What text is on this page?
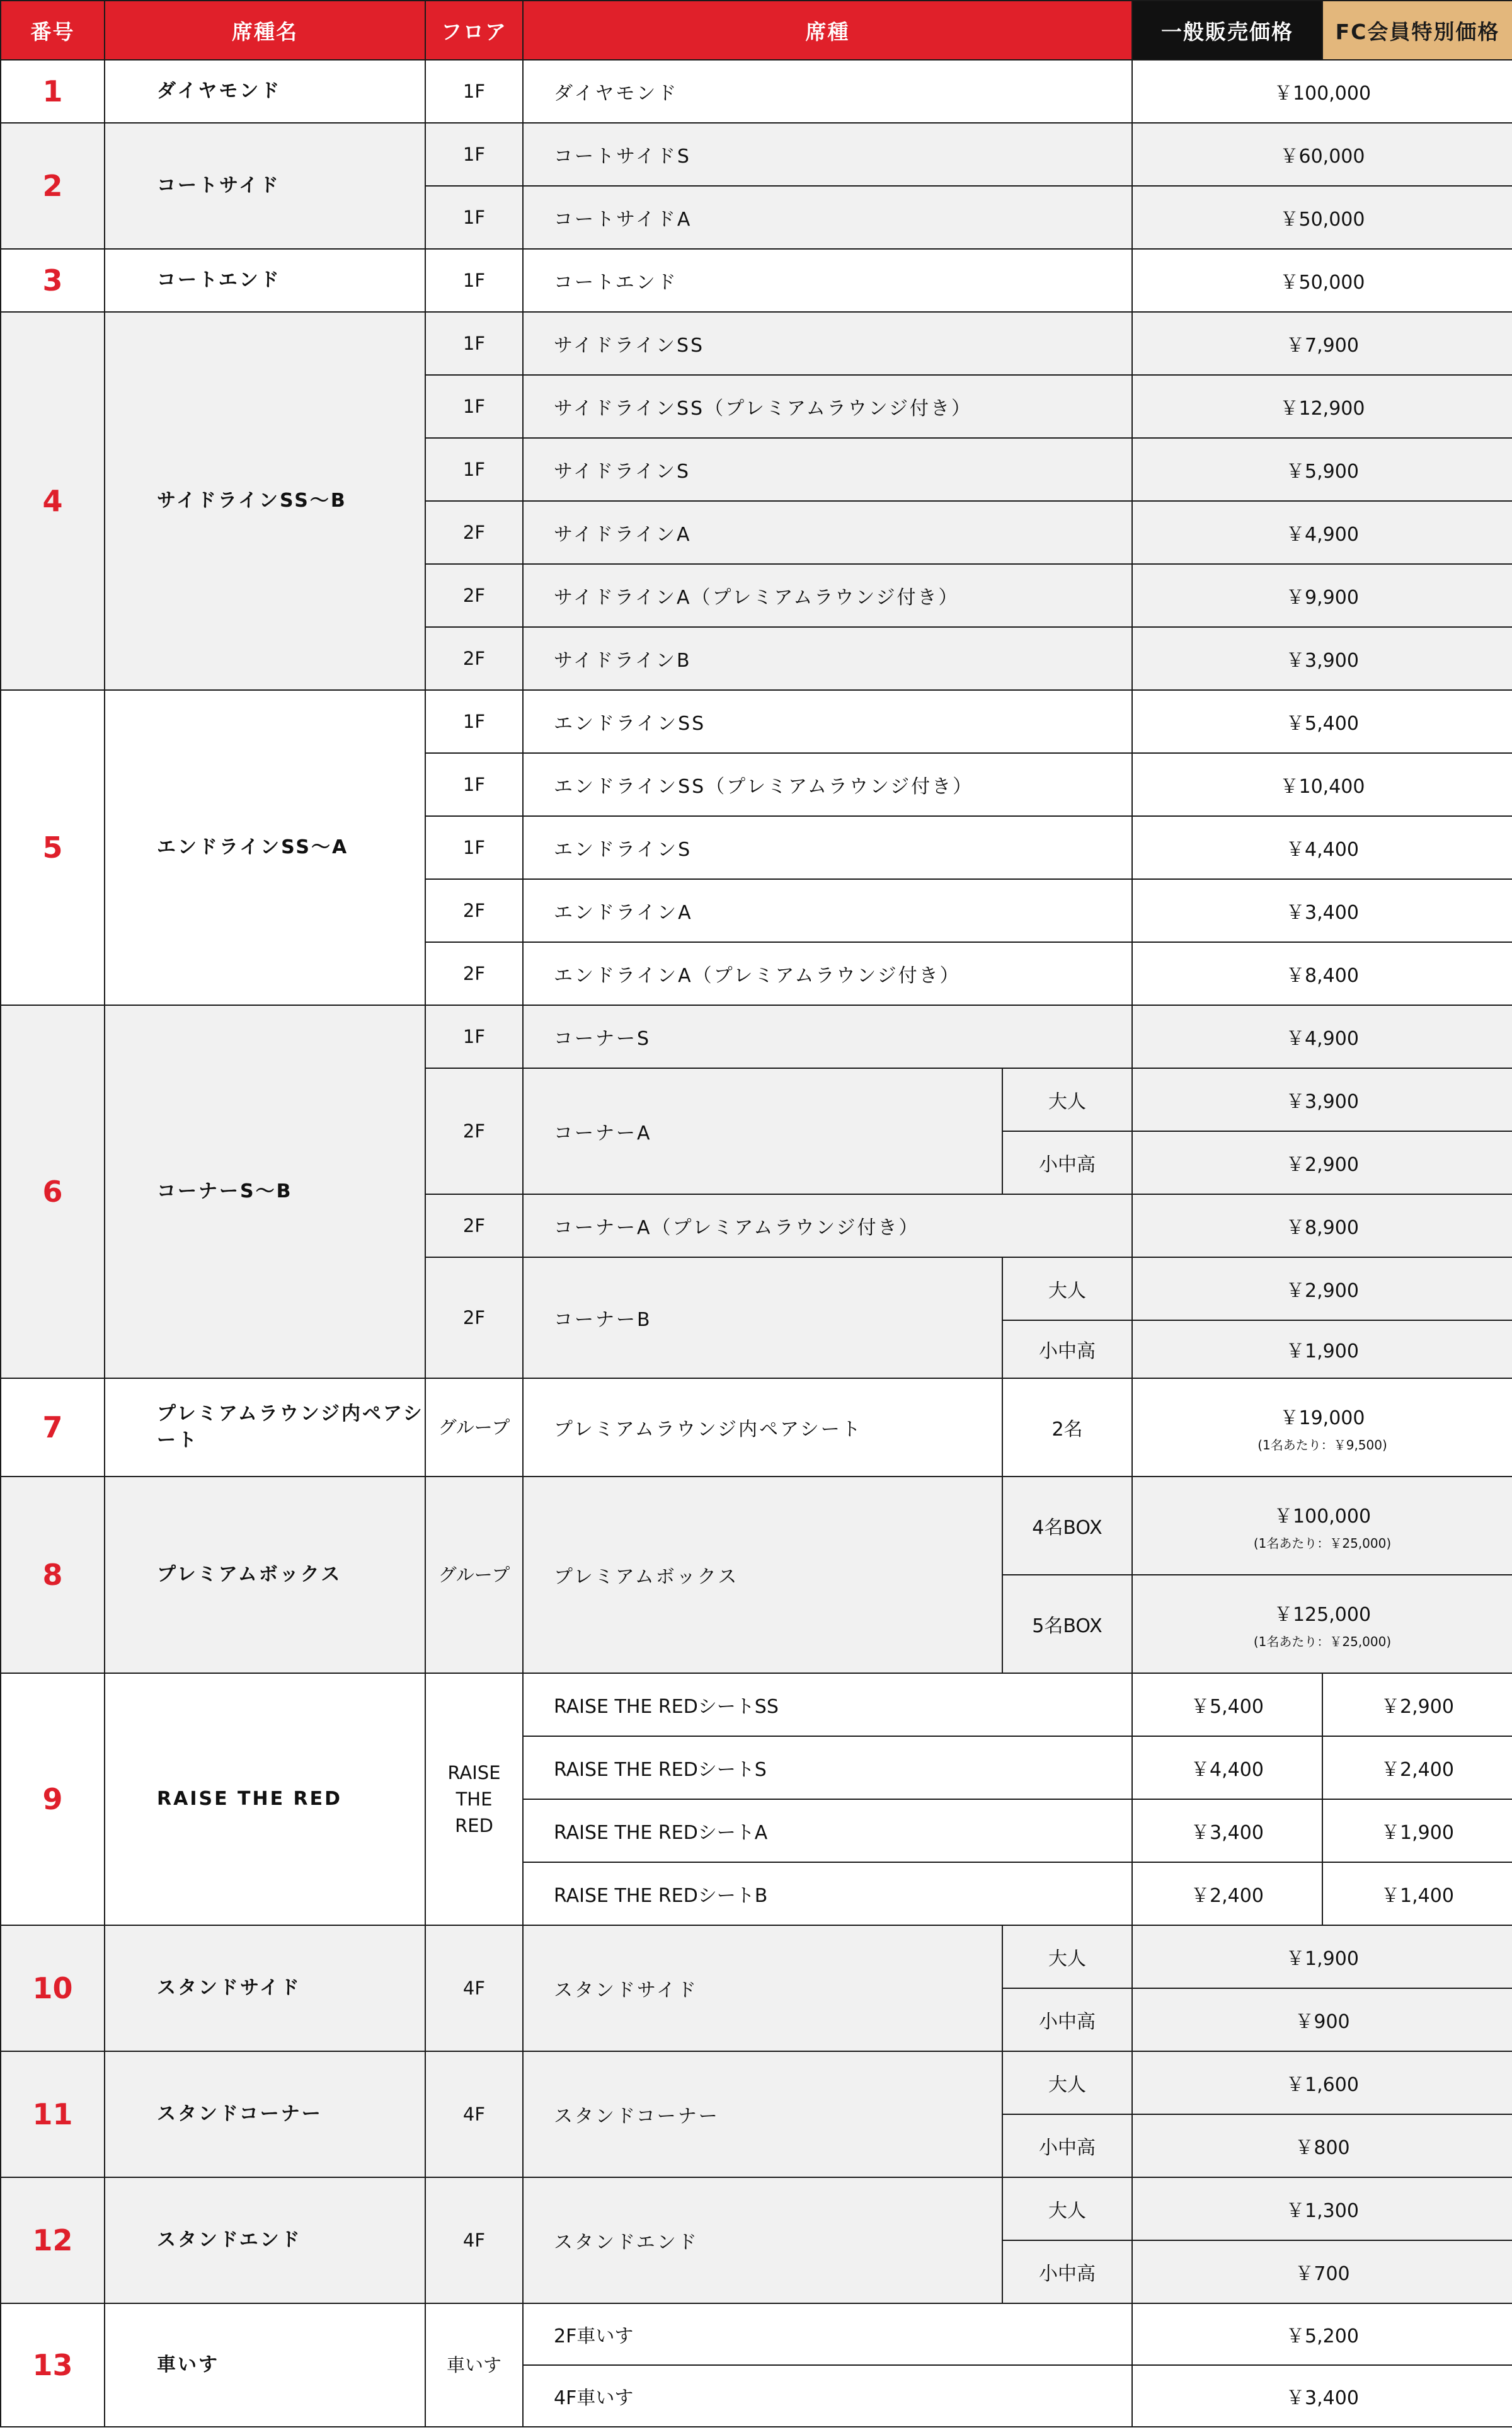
番号	席種名	フロア	席種		一般販売価格	FC会員特別価格
1	ダイヤモンド	1F	ダイヤモンド		￥100,000	
2	コートサイド	1F	コートサイドS		￥60,000	
		1F	コートサイドA		￥50,000	
3	コートエンド	1F	コートエンド		￥50,000	
4	サイドラインSS～B	1F	サイドラインSS		￥7,900	
		1F	サイドラインSS（プレミアムラウンジ付き）		￥12,900	
		1F	サイドラインS		￥5,900	
		2F	サイドラインA		￥4,900	
		2F	サイドラインA（プレミアムラウンジ付き）		￥9,900	
		2F	サイドラインB		￥3,900	
5	エンドラインSS～A	1F	エンドラインSS		￥5,400	
		1F	エンドラインSS（プレミアムラウンジ付き）		￥10,400	
		1F	エンドラインS		￥4,400	
		2F	エンドラインA		￥3,400	
		2F	エンドラインA（プレミアムラウンジ付き）		￥8,400	
6	コーナーS～B	1F	コーナーS		￥4,900	
		2F	コーナーA	大人	￥3,900	
				小中高	￥2,900	
		2F	コーナーA（プレミアムラウンジ付き）		￥8,900	
		2F	コーナーB	大人	￥2,900	
				小中高	￥1,900	
7	プレミアムラウンジ内ペアシート	グループ	プレミアムラウンジ内ペアシート	2名	￥19,000
(1名あたり：￥9,500)	

8	プレミアムボックス	グループ	プレミアムボックス	4名BOX	￥100,000
(1名あたり：￥25,000)	

				5名BOX	￥125,000
(1名あたり：￥25,000)	

9	RAISE THE RED	RAISE THE RED	RAISE THE REDシートSS		￥5,400	￥2,900
			RAISE THE REDシートS		￥4,400	￥2,400
			RAISE THE REDシートA		￥3,400	￥1,900
			RAISE THE REDシートB		￥2,400	￥1,400
10	スタンドサイド	4F	スタンドサイド	大人	￥1,900	
				小中高	￥900	
11	スタンドコーナー	4F	スタンドコーナー	大人	￥1,600	
				小中高	￥800	
12	スタンドエンド	4F	スタンドエンド	大人	￥1,300	
				小中高	￥700	
13	車いす	車いす	2F車いす		￥5,200	
			4F車いす		￥3,400	
